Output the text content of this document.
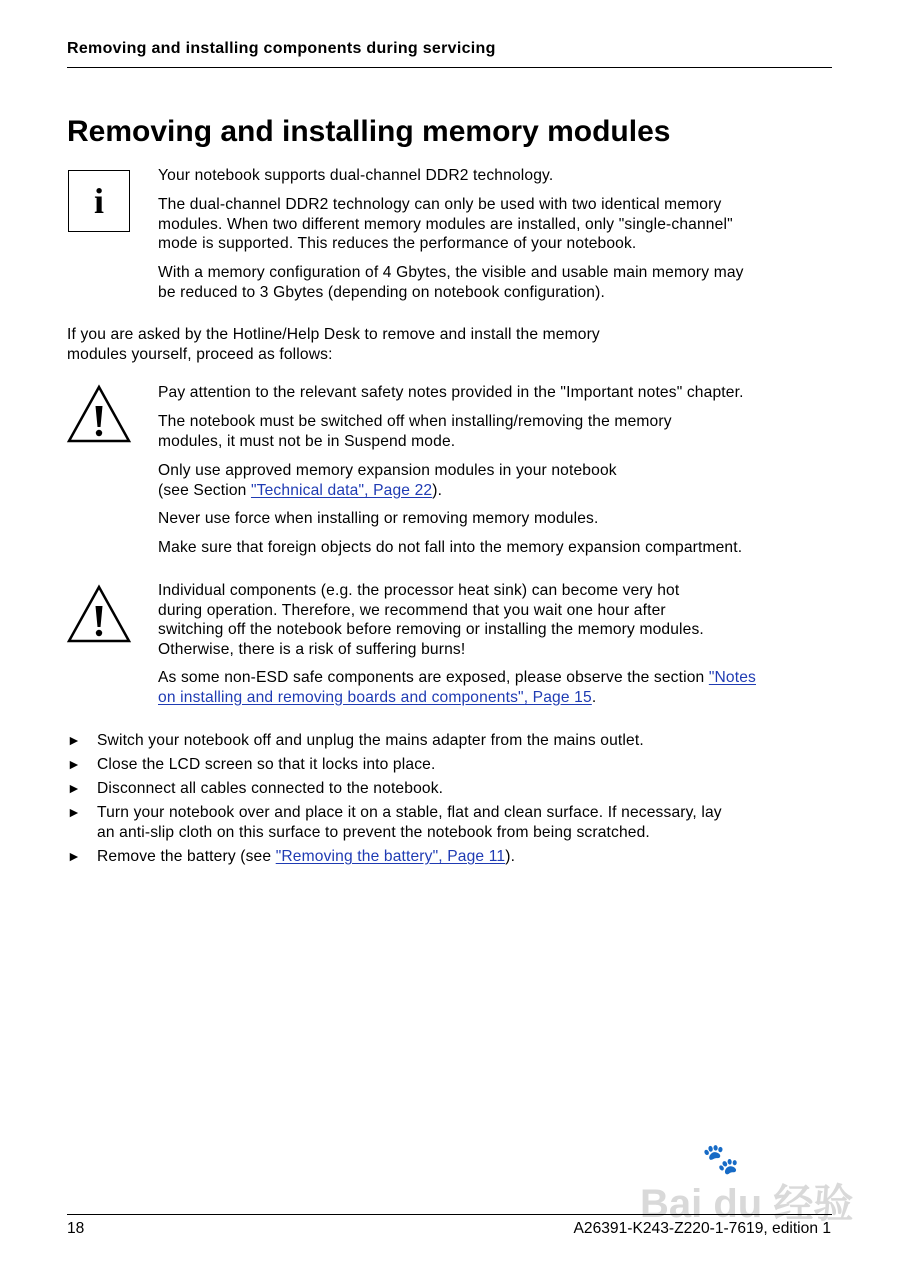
Removing and installing components during servicing
Removing and installing memory modules
i

Your notebook supports dual-channel DDR2 technology.

The dual-channel DDR2 technology can only be used with two identical memory
modules. When two different memory modules are installed, only "single-channel"
mode is supported. This reduces the performance of your notebook.

With a memory configuration of 4 Gbytes, the visible and usable main memory may
be reduced to 3 Gbytes (depending on notebook configuration).

If you are asked by the Hotline/Help Desk to remove and install the memory
modules yourself, proceed as follows:

Pay attention to the relevant safety notes provided in the "Important notes" chapter.

The notebook must be switched off when installing/removing the memory
modules, it must not be in Suspend mode.

Only use approved memory expansion modules in your notebook
(see Section "Technical data", Page 22).

Never use force when installing or removing memory modules.

Make sure that foreign objects do not fall into the memory expansion compartment.

Individual components (e.g. the processor heat sink) can become very hot
during operation. Therefore, we recommend that you wait one hour after
switching off the notebook before removing or installing the memory modules.
Otherwise, there is a risk of suffering burns!

As some non-ESD safe components are exposed, please observe the section "Notes
on installing and removing boards and components", Page 15.

► Switch your notebook off and unplug the mains adapter from the mains outlet.
► Close the LCD screen so that it locks into place.
► Disconnect all cables connected to the notebook.
► Turn your notebook over and place it on a stable, flat and clean surface. If necessary, lay
an anti-slip cloth on this surface to prevent the notebook from being scratched.
► Remove the battery (see "Removing the battery", Page 11).
🐾
Bai du 经验
18	A26391-K243-Z220-1-7619, edition 1
